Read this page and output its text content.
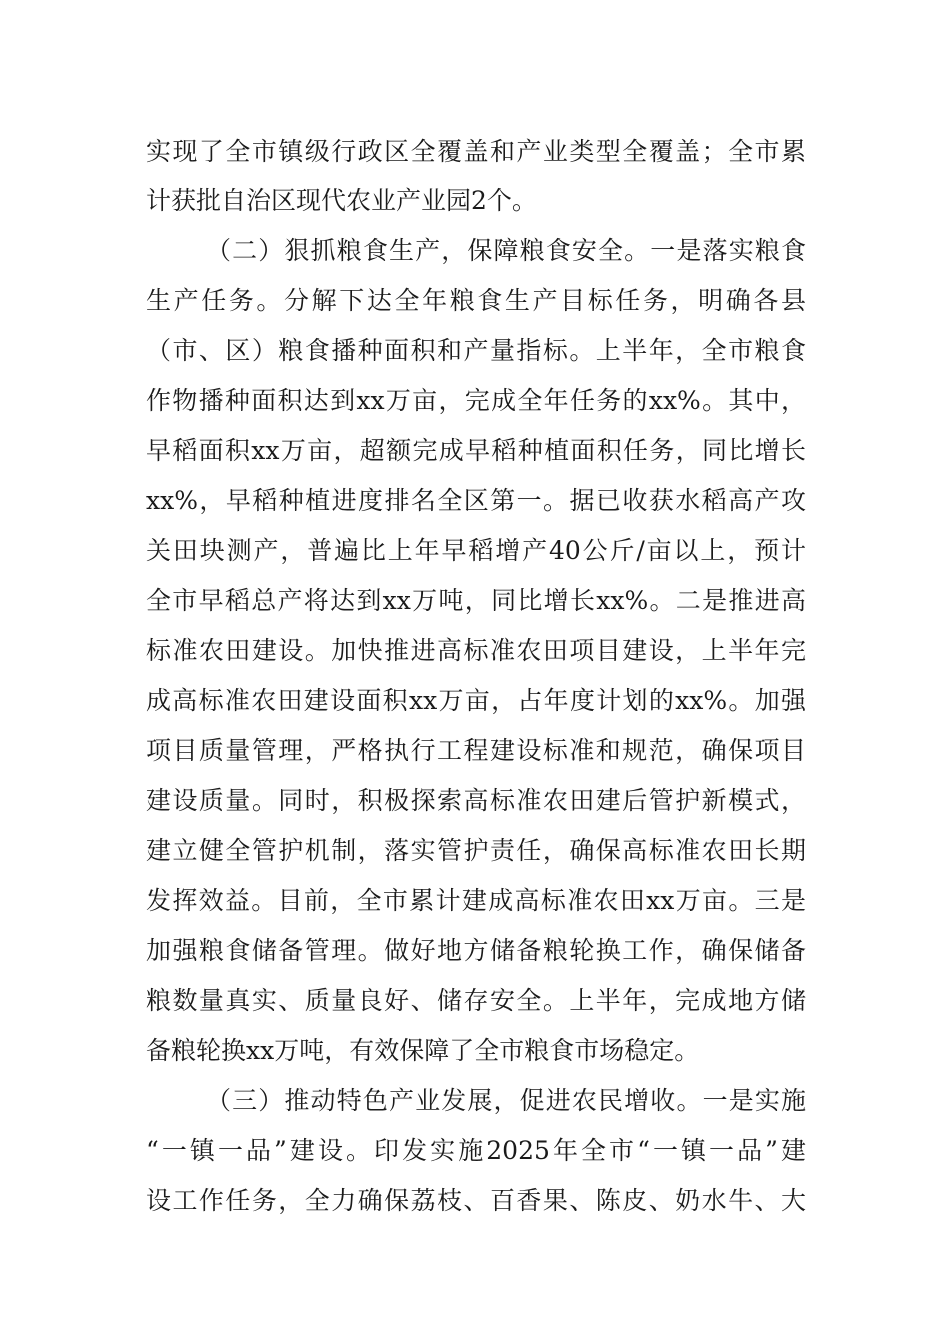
实现了全市镇级行政区全覆盖和产业类型全覆盖；全市累
计获批自治区现代农业产业园2个。
（二）狠抓粮食生产，保障粮食安全。一是落实粮食
生产任务。分解下达全年粮食生产目标任务，明确各县
（市、区）粮食播种面积和产量指标。上半年，全市粮食
作物播种面积达到xx万亩，完成全年任务的xx%。其中，
早稻面积xx万亩，超额完成早稻种植面积任务，同比增长
xx%，早稻种植进度排名全区第一。据已收获水稻高产攻
关田块测产，普遍比上年早稻增产40公斤/亩以上，预计
全市早稻总产将达到xx万吨，同比增长xx%。二是推进高
标准农田建设。加快推进高标准农田项目建设，上半年完
成高标准农田建设面积xx万亩，占年度计划的xx%。加强
项目质量管理，严格执行工程建设标准和规范，确保项目
建设质量。同时，积极探索高标准农田建后管护新模式，
建立健全管护机制，落实管护责任，确保高标准农田长期
发挥效益。目前，全市累计建成高标准农田xx万亩。三是
加强粮食储备管理。做好地方储备粮轮换工作，确保储备
粮数量真实、质量良好、储存安全。上半年，完成地方储
备粮轮换xx万吨，有效保障了全市粮食市场稳定。
（三）推动特色产业发展，促进农民增收。一是实施
“一镇一品”建设。印发实施2025年全市“一镇一品”建
设工作任务，全力确保荔枝、百香果、陈皮、奶水牛、大
